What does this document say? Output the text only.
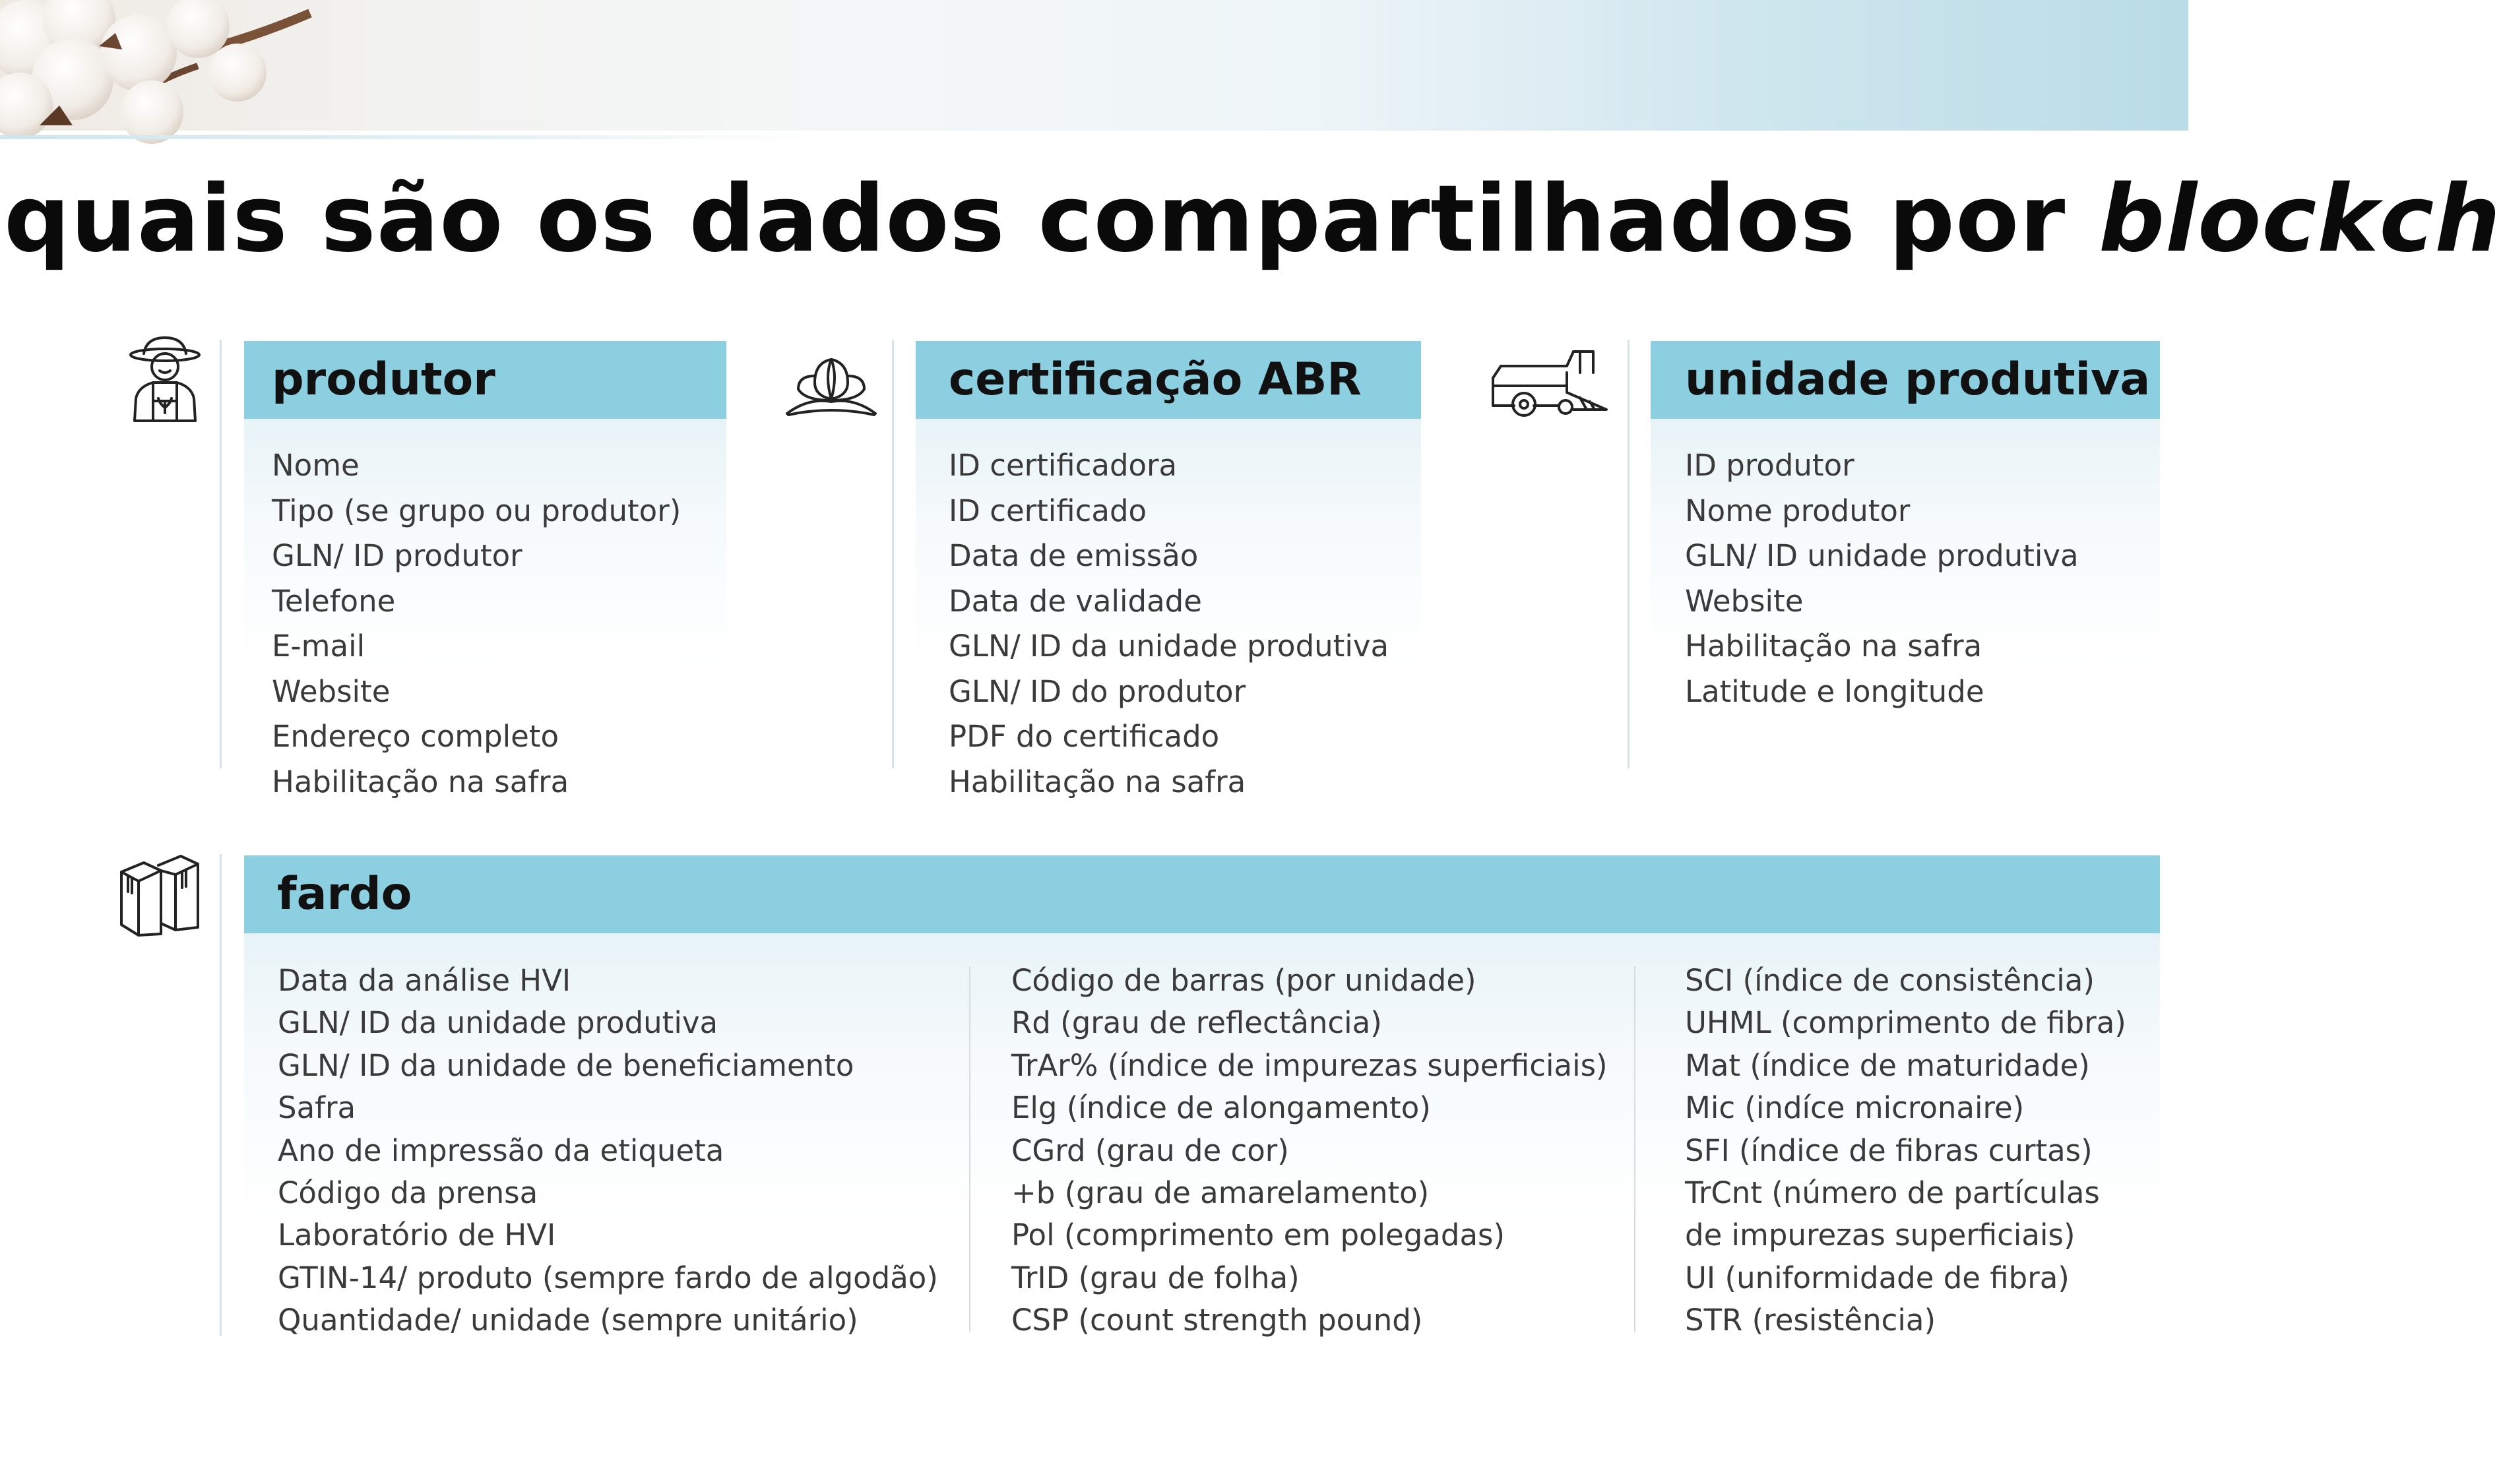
quais são os dados compartilhados por blockch
produtor
Nome
Tipo (se grupo ou produtor)
GLN/ ID produtor
Telefone
E-mail
Website
Endereço completo
Habilitação na safra
certificação ABR
ID certificadora
ID certificado
Data de emissão
Data de validade
GLN/ ID da unidade produtiva
GLN/ ID do produtor
PDF do certificado
Habilitação na safra
unidade produtiva
ID produtor
Nome produtor
GLN/ ID unidade produtiva
Website
Habilitação na safra
Latitude e longitude
fardo
Data da análise HVI
GLN/ ID da unidade produtiva
GLN/ ID da unidade de beneficiamento
Safra
Ano de impressão da etiqueta
Código da prensa
Laboratório de HVI
GTIN-14/ produto (sempre fardo de algodão)
Quantidade/ unidade (sempre unitário)
Código de barras (por unidade)
Rd (grau de reflectância)
TrAr% (índice de impurezas superficiais)
Elg (índice de alongamento)
CGrd (grau de cor)
+b (grau de amarelamento)
Pol (comprimento em polegadas)
TrID (grau de folha)
CSP (count strength pound)
SCI (índice de consistência)
UHML (comprimento de fibra)
Mat (índice de maturidade)
Mic (indíce micronaire)
SFI (índice de fibras curtas)
TrCnt (número de partículas
de impurezas superficiais)
UI (uniformidade de fibra)
STR (resistência)
